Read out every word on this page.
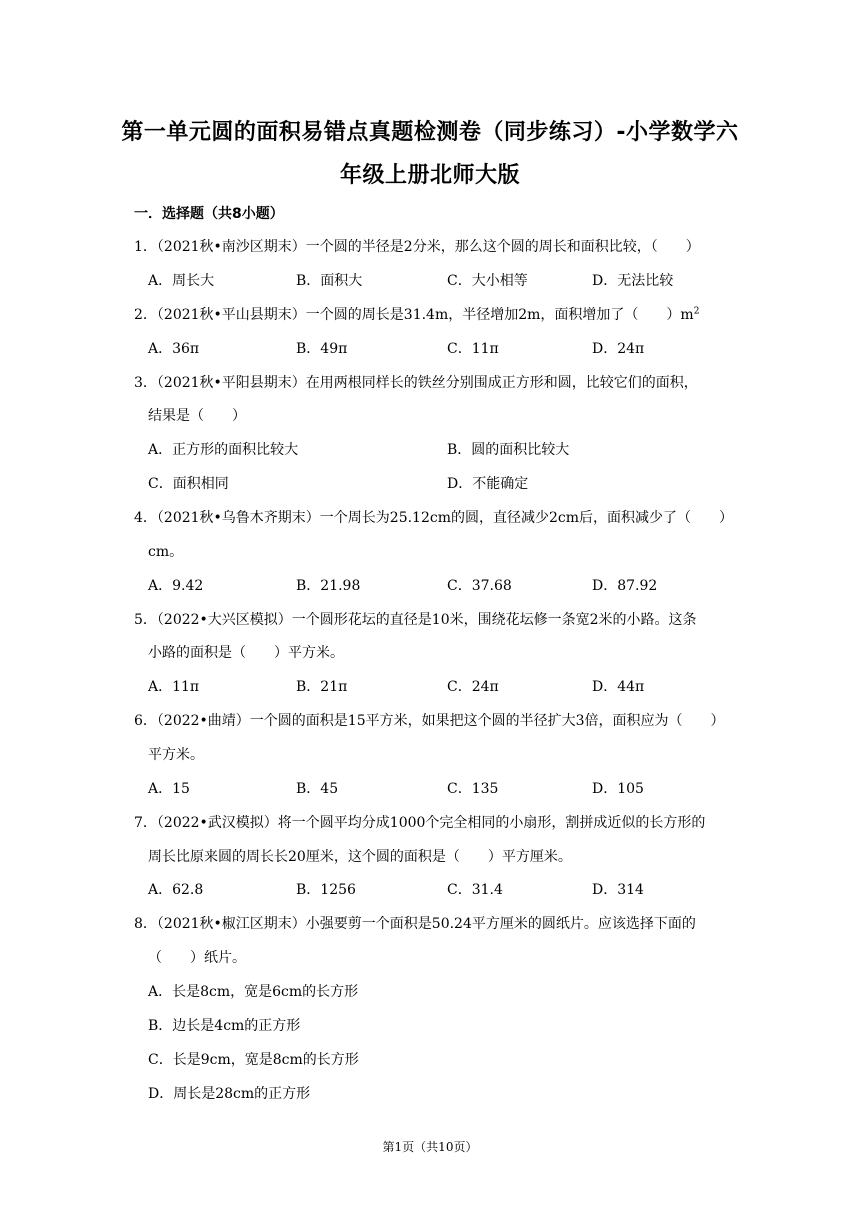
第一单元圆的面积易错点真题检测卷（同步练习）-小学数学六
年级上册北师大版
一．选择题（共8小题）
1．（2021秋•南沙区期末）一个圆的半径是2分米，那么这个圆的周长和面积比较，（　　）
A．周长大	B．面积大	C．大小相等	D．无法比较
2．（2021秋•平山县期末）一个圆的周长是31.4m，半径增加2m，面积增加了（　　）$m^2$
A．36π	B．49π	C．11π	D．24π
3．（2021秋•平阳县期末）在用两根同样长的铁丝分别围成正方形和圆，比较它们的面积，
结果是（　　）
A．正方形的面积比较大	B．圆的面积比较大
C．面积相同	D．不能确定
4．（2021秋•乌鲁木齐期末）一个周长为25.12cm的圆，直径减少2cm后，面积减少了（　　）
cm。
A．9.42	B．21.98	C．37.68	D．87.92
5．（2022•大兴区模拟）一个圆形花坛的直径是10米，围绕花坛修一条宽2米的小路。这条
小路的面积是（　　）平方米。
A．11π	B．21π	C．24π	D．44π
6．（2022•曲靖）一个圆的面积是15平方米，如果把这个圆的半径扩大3倍，面积应为（　　）
平方米。
A．15	B．45	C．135	D．105
7．（2022•武汉模拟）将一个圆平均分成1000个完全相同的小扇形，割拼成近似的长方形的
周长比原来圆的周长长20厘米，这个圆的面积是（　　）平方厘米。
A．62.8	B．1256	C．31.4	D．314
8．（2021秋•椒江区期末）小强要剪一个面积是50.24平方厘米的圆纸片。应该选择下面的
（　　）纸片。
A．长是8cm，宽是6cm的长方形
B．边长是4cm的正方形
C．长是9cm，宽是8cm的长方形
D．周长是28cm的正方形
第1页（共10页）
